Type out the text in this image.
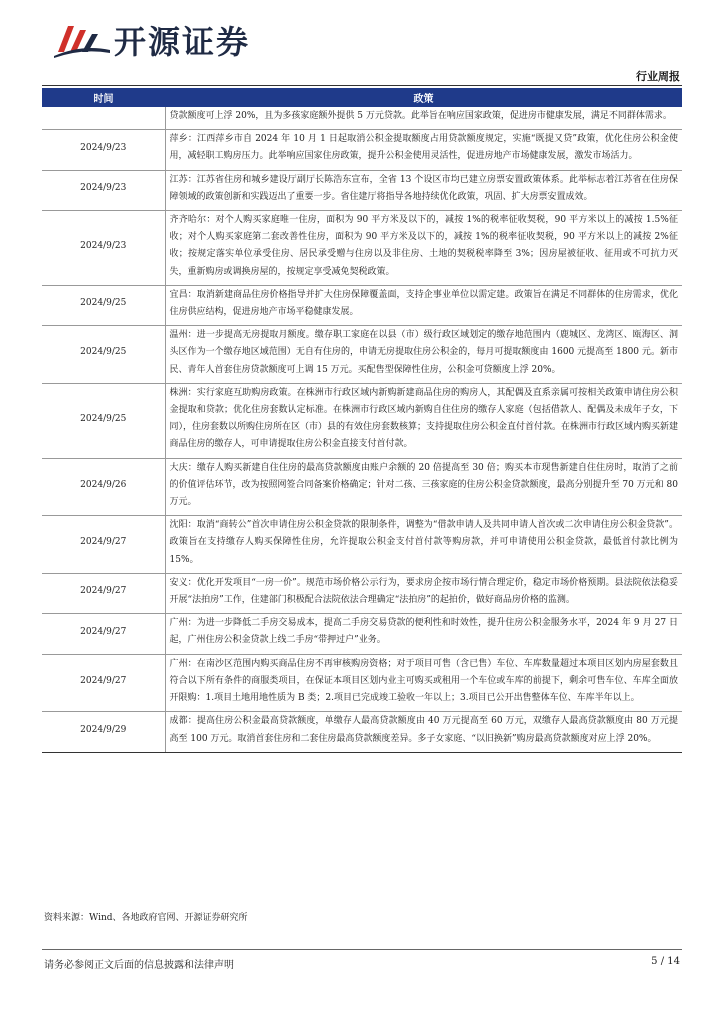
开源证券
行业周报
时间	政策
	贷款额度可上浮 20%，且为多孩家庭额外提供 5 万元贷款。此举旨在响应国家政策，促进房市健康发展，满足不同群体需求。
2024/9/23	萍乡：江西萍乡市自 2024 年 10 月 1 日起取消公积金提取额度占用贷款额度规定，实施“既提又贷”政策，优化住房公积金使用，减轻职工购房压力。此举响应国家住房政策，提升公积金使用灵活性，促进房地产市场健康发展，激发市场活力。
2024/9/23	江苏：江苏省住房和城乡建设厅副厅长陈浩东宣布，全省 13 个设区市均已建立房票安置政策体系。此举标志着江苏省在住房保障领域的政策创新和实践迈出了重要一步。省住建厅将指导各地持续优化政策，巩固、扩大房票安置成效。
2024/9/23	齐齐哈尔：对个人购买家庭唯一住房，面积为 90 平方米及以下的，减按 1%的税率征收契税，90 平方米以上的减按 1.5%征收；对个人购买家庭第二套改善性住房，面积为 90 平方米及以下的，减按 1%的税率征收契税，90 平方米以上的减按 2%征收；按规定落实单位承受住房、居民承受赠与住房以及非住房、土地的契税税率降至 3%；因房屋被征收、征用或不可抗力灭失，重新购房或调换房屋的，按规定享受减免契税政策。
2024/9/25	宜昌：取消新建商品住房价格指导并扩大住房保障覆盖面，支持企事业单位以需定建。政策旨在满足不同群体的住房需求，优化住房供应结构，促进房地产市场平稳健康发展。
2024/9/25	温州：进一步提高无房提取月额度。缴存职工家庭在以县（市）级行政区域划定的缴存地范围内（鹿城区、龙湾区、瓯海区、洞头区作为一个缴存地区域范围）无自有住房的，申请无房提取住房公积金的，每月可提取额度由 1600 元提高至 1800 元。新市民、青年人首套住房贷款额度可上调 15 万元。买配售型保障性住房，公积金可贷额度上浮 20%。
2024/9/25	株洲：实行家庭互助购房政策。在株洲市行政区域内新购新建商品住房的购房人，其配偶及直系亲属可按相关政策申请住房公积金提取和贷款；优化住房套数认定标准。在株洲市行政区域内新购自住住房的缴存人家庭（包括借款人、配偶及未成年子女，下同），住房套数以所购住房所在区（市）县的有效住房套数核算；支持提取住房公积金直付首付款。在株洲市行政区域内购买新建商品住房的缴存人，可申请提取住房公积金直接支付首付款。
2024/9/26	大庆：缴存人购买新建自住住房的最高贷款额度由账户余额的 20 倍提高至 30 倍；购买本市现售新建自住住房时，取消了之前的价值评估环节，改为按照网签合同备案价格确定；针对二孩、三孩家庭的住房公积金贷款额度，最高分别提升至 70 万元和 80 万元。
2024/9/27	沈阳：取消“商转公”首次申请住房公积金贷款的限制条件，调整为“借款申请人及共同申请人首次或二次申请住房公积金贷款”。政策旨在支持缴存人购买保障性住房，允许提取公积金支付首付款等购房款，并可申请使用公积金贷款，最低首付款比例为 15%。
2024/9/27	安义：优化开发项目“一房一价”。规范市场价格公示行为，要求房企按市场行情合理定价，稳定市场价格预期。县法院依法稳妥开展“法拍房”工作，住建部门积极配合法院依法合理确定“法拍房”的起拍价，做好商品房价格的监测。
2024/9/27	广州：为进一步降低二手房交易成本，提高二手房交易贷款的便利性和时效性，提升住房公积金服务水平，2024 年 9 月 27 日起，广州住房公积金贷款上线二手房“带押过户”业务。
2024/9/27	广州：在南沙区范围内购买商品住房不再审核购房资格；对于项目可售（含已售）车位、车库数量超过本项目区划内房屋套数且符合以下所有条件的商服类项目，在保证本项目区划内业主可购买或租用一个车位或车库的前提下，剩余可售车位、车库全面放开限购：1.项目土地用地性质为 B 类；2.项目已完成竣工验收一年以上；3.项目已公开出售整体车位、车库半年以上。
2024/9/29	成都：提高住房公积金最高贷款额度，单缴存人最高贷款额度由 40 万元提高至 60 万元，双缴存人最高贷款额度由 80 万元提高至 100 万元。取消首套住房和二套住房最高贷款额度差异。多子女家庭、“以旧换新”购房最高贷款额度对应上浮 20%。
资料来源：Wind、各地政府官网、开源证券研究所
请务必参阅正文后面的信息披露和法律声明	5 / 14
